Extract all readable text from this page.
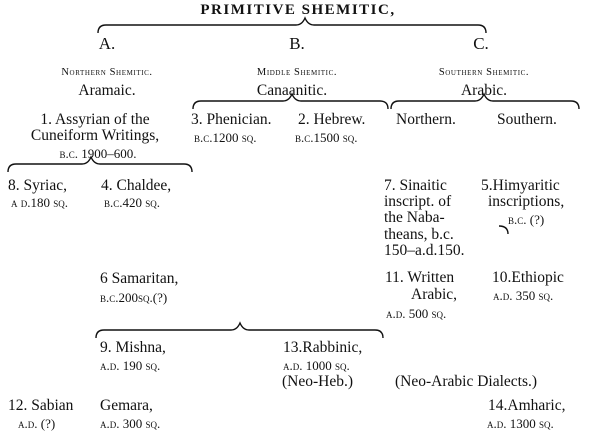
PRIMITIVE SHEMITIC,
A.	B.	C.
Northern Shemitic.	Middle Shemitic.	Southern Shemitic.
Aramaic.	Canaanitic.	Arabic.
1. Assyrian of the
Cuneiform Writings,
b.c. 1900–600.
3. Phenician.
b.c.1200 sq.
2. Hebrew.
b.c.1500 sq.
Northern.	Southern.
8. Syriac,
a d.180 sq.
4. Chaldee,
b.c.420 sq.
7. Sinaitic
inscript. of
the Naba-
theans, b.c.
150–a.d.150.
5.Himyaritic
inscriptions,
b.c. (?)
6 Samaritan,
b.c.200sq.(?)
11. Written
Arabic,
a.d. 500 sq.
10.Ethiopic
a.d. 350 sq.
9. Mishna,
a.d. 190 sq.
13.Rabbinic,
a.d. 1000 sq.
(Neo-Heb.)	(Neo-Arabic Dialects.)
12. Sabian
a.d. (?)
Gemara,
a.d. 300 sq.
14.Amharic,
a.d. 1300 sq.
